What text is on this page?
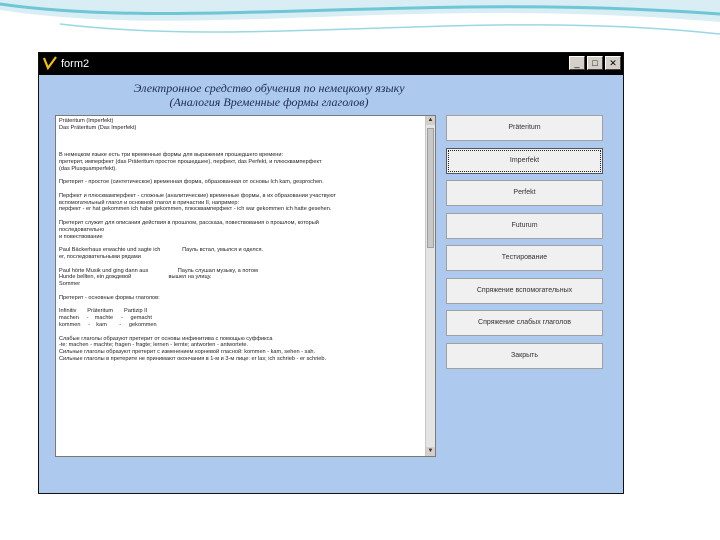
form2	_	□	✕
Электронное средство обучения по немецкому языку
(Аналогия Временные формы глаголов)
Präteritum (Imperfekt)
Das Präteritum (Das Imperfekt)
В немецком языке есть три временные формы для выражения прошедшего времени:
претерит, имперфект (das Präteritum простое прошедшее), перфект, das Perfekt, и плюсквамперфект
(das Plusquamperfekt).
Претерит - простое (синтетическое) временная форма, образованная от основы Ich kam, gesprochen.
Перфект и плюсквамперфект - сложные (аналитические) временные формы, в их образовании участвуют
вспомогательный глагол и основной глагол в причастии II, например:
перфект - er hat gekommen ich habe gekommen, плюсквамперфект - ich war gekommen ich hatte gesehen.
Претерит служит для описания действия в прошлом, рассказа, повествования о прошлом, который
последовательно
и повествование
Paul Bäckerhaus erwachte und sagte ich              Пауль встал, умылся и оделся.
er, последовательными рядами
Paul hörte Musik und ging dann aus                   Пауль слушал музыку, а потом
Hunde bellten, ein дождевой                        вышел на улицу.
Sommer
Претерит - основные формы глаголов:
Infinitiv       Präteritum       Partizip II
machen     -    machte     -     gemacht
kommen     -    kam        -     gekommen
Слабые глаголы образуют претерит от основы инфинитива с помощью суффикса
-te: machen - machte; fragen - fragte; lernen - lernte; antworten - antwortete.
Сильные глаголы образуют претерит с изменением корневой гласной: kommen - kam, sehen - sah.
Сильные глаголы в претерите не принимают окончания в 1-м и 3-м лице: er las; ich schrieb - er schrieb.
▲
▼
Präteritum
Imperfekt
Perfekt
Futurum
Тестирование
Спряжение вспомогательных
Спряжение слабых глаголов
Закрыть
